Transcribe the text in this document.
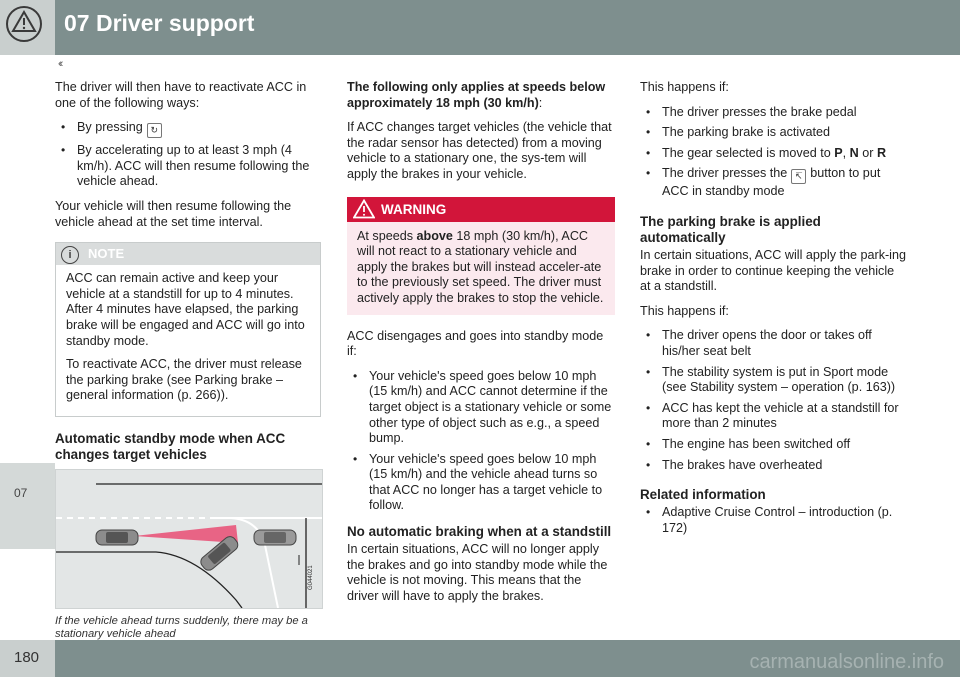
07 Driver support
‹‹
07

The driver will then have to reactivate ACC in one of the following ways:

• By pressing ↻
• By accelerating up to at least 3 mph (4 km/h). ACC will then resume following the vehicle ahead.

Your vehicle will then resume following the vehicle ahead at the set time interval.

i	NOTE

ACC can remain active and keep your vehicle at a standstill for up to 4 minutes. After 4 minutes have elapsed, the parking brake will be engaged and ACC will go into standby mode.

To reactivate ACC, the driver must release the parking brake (see Parking brake – general information (p. 266)).

Automatic standby mode when ACC changes target vehicles
G044021
If the vehicle ahead turns suddenly, there may be a stationary vehicle ahead

The following only applies at speeds below approximately 18 mph (30 km/h):

If ACC changes target vehicles (the vehicle that the radar sensor has detected) from a moving vehicle to a stationary one, the sys-tem will apply the brakes in your vehicle.

WARNING
At speeds above 18 mph (30 km/h), ACC will not react to a stationary vehicle and apply the brakes but will instead acceler-ate to the previously set speed. The driver must actively apply the brakes to stop the vehicle.

ACC disengages and goes into standby mode if:

• Your vehicle's speed goes below 10 mph (15 km/h) and ACC cannot determine if the target object is a stationary vehicle or some other type of object such as e.g., a speed bump.
• Your vehicle's speed goes below 10 mph (15 km/h) and the vehicle ahead turns so that ACC no longer has a target vehicle to follow.
No automatic braking when at a standstill

In certain situations, ACC will no longer apply the brakes and go into standby mode while the vehicle is not moving. This means that the driver will have to apply the brakes.

This happens if:

• The driver presses the brake pedal
• The parking brake is activated
• The gear selected is moved to P, N or R
• The driver presses the ↸ button to put ACC in standby mode
The parking brake is applied automatically

In certain situations, ACC will apply the park-ing brake in order to continue keeping the vehicle at a standstill.

This happens if:

• The driver opens the door or takes off his/her seat belt
• The stability system is put in Sport mode (see Stability system – operation (p. 163))
• ACC has kept the vehicle at a standstill for more than 2 minutes
• The engine has been switched off
• The brakes have overheated
Related information
• Adaptive Cruise Control – introduction (p. 172)
180	carmanualsonline.info
